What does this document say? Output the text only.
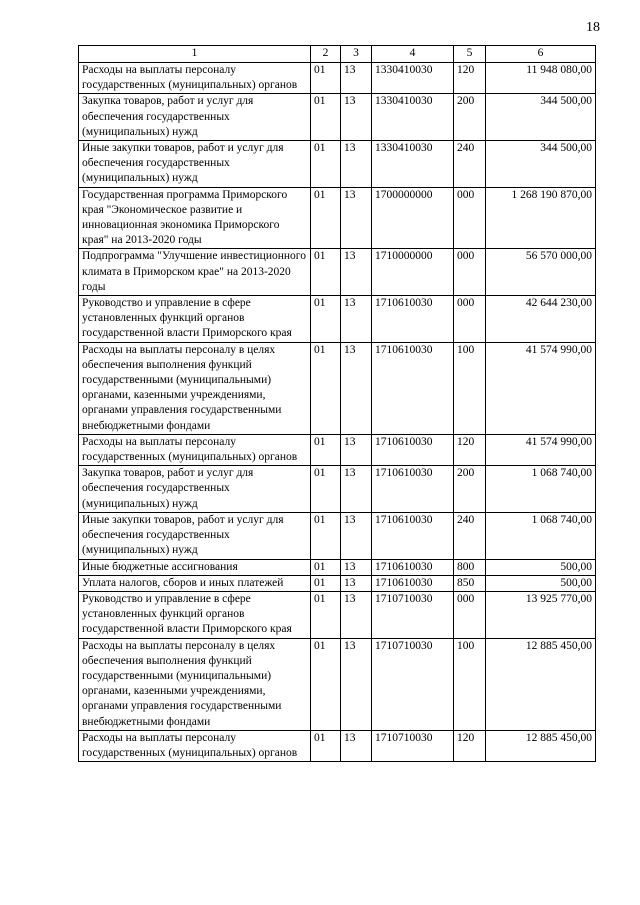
18
1	2	3	4	5	6
Расходы на выплаты персоналу государственных (муниципальных) органов	01	13	1330410030	120	11 948 080,00
Закупка товаров, работ и услуг для обеспечения государственных (муниципальных) нужд	01	13	1330410030	200	344 500,00
Иные закупки товаров, работ и услуг для обеспечения государственных (муниципальных) нужд	01	13	1330410030	240	344 500,00
Государственная программа Приморского края "Экономическое развитие и инновационная экономика Приморского края" на 2013-2020 годы	01	13	1700000000	000	1 268 190 870,00
Подпрограмма "Улучшение инвестиционного климата в Приморском крае" на 2013-2020 годы	01	13	1710000000	000	56 570 000,00
Руководство и управление в сфере установленных функций органов государственной власти Приморского края	01	13	1710610030	000	42 644 230,00
Расходы на выплаты персоналу в целях обеспечения выполнения функций государственными (муниципальными) органами, казенными учреждениями, органами управления государственными внебюджетными фондами	01	13	1710610030	100	41 574 990,00
Расходы на выплаты персоналу государственных (муниципальных) органов	01	13	1710610030	120	41 574 990,00
Закупка товаров, работ и услуг для обеспечения государственных (муниципальных) нужд	01	13	1710610030	200	1 068 740,00
Иные закупки товаров, работ и услуг для обеспечения государственных (муниципальных) нужд	01	13	1710610030	240	1 068 740,00
Иные бюджетные ассигнования	01	13	1710610030	800	500,00
Уплата налогов, сборов и иных платежей	01	13	1710610030	850	500,00
Руководство и управление в сфере установленных функций органов государственной власти Приморского края	01	13	1710710030	000	13 925 770,00
Расходы на выплаты персоналу в целях обеспечения выполнения функций государственными (муниципальными) органами, казенными учреждениями, органами управления государственными внебюджетными фондами	01	13	1710710030	100	12 885 450,00
Расходы на выплаты персоналу государственных (муниципальных) органов	01	13	1710710030	120	12 885 450,00
